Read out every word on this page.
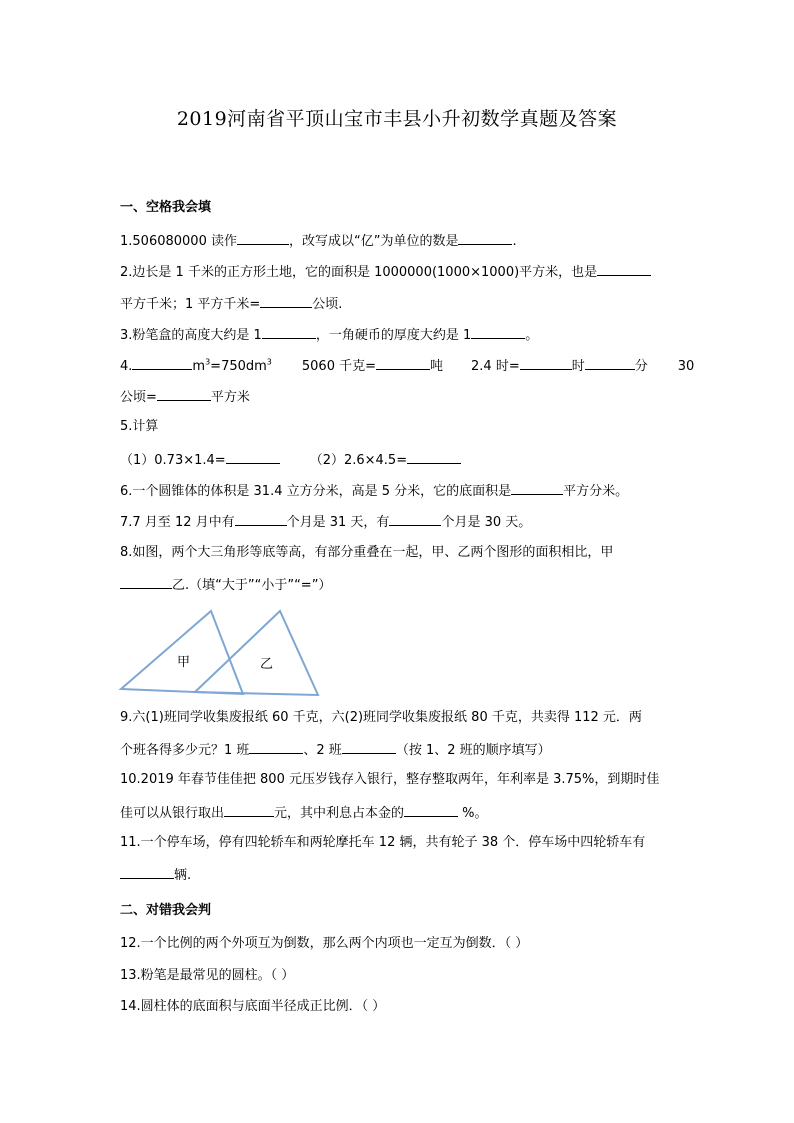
2019河南省平顶山宝市丰县小升初数学真题及答案
一、空格我会填
1.506080000 读作	，改写成以“亿”为单位的数是	.
2.边长是 1 千米的正方形土地，它的面积是 1000000(1000×1000)平方米，也是
平方千米；1 平方千米=	公顷.
3.粉笔盒的高度大约是 1	，一角硬币的厚度大约是 1	。
4.	$m^3=750dm^3$ 5060 千克=	吨 2.4 时=	时	分 30
公顷=	平方米
5.计算
（1）0.73×1.4=	（2）2.6×4.5=
6.一个圆锥体的体积是 31.4 立方分米，高是 5 分米，它的底面积是	平方分米。
7.7 月至 12 月中有	个月是 31 天，有	个月是 30 天。
8.如图，两个大三角形等底等高，有部分重叠在一起，甲、乙两个图形的面积相比，甲
乙.（填“大于”“小于”“=”）
甲	乙
9.六(1)班同学收集废报纸 60 千克，六(2)班同学收集废报纸 80 千克，共卖得 112 元．两
个班各得多少元？1 班	、2 班	（按 1、2 班的顺序填写）
10.2019 年春节佳佳把 800 元压岁钱存入银行，整存整取两年，年利率是 3.75%，到期时佳
佳可以从银行取出	元，其中利息占本金的	%。
11.一个停车场，停有四轮轿车和两轮摩托车 12 辆，共有轮子 38 个．停车场中四轮轿车有
辆.
二、对错我会判
12.一个比例的两个外项互为倒数，那么两个内项也一定互为倒数．（ ）
13.粉笔是最常见的圆柱。（ ）
14.圆柱体的底面积与底面半径成正比例．（ ）
